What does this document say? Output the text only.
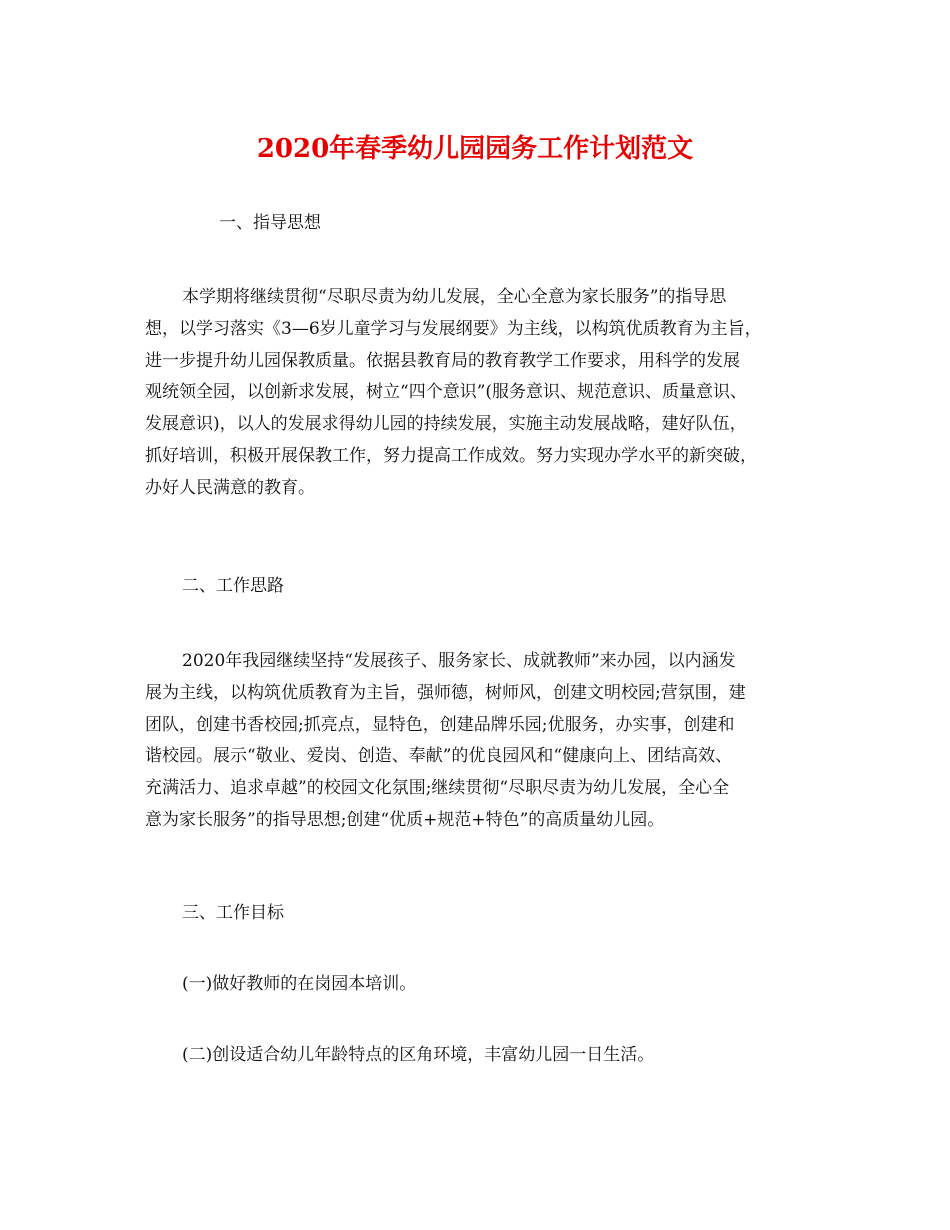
2020年春季幼儿园园务工作计划范文
一、指导思想
本学期将继续贯彻“尽职尽责为幼儿发展，全心全意为家长服务”的指导思
想，以学习落实《3—6岁儿童学习与发展纲要》为主线，以构筑优质教育为主旨，
进一步提升幼儿园保教质量。依据县教育局的教育教学工作要求，用科学的发展
观统领全园，以创新求发展，树立“四个意识”(服务意识、规范意识、质量意识、
发展意识)，以人的发展求得幼儿园的持续发展，实施主动发展战略，建好队伍，
抓好培训，积极开展保教工作，努力提高工作成效。努力实现办学水平的新突破，
办好人民满意的教育。
二、工作思路
2020年我园继续坚持“发展孩子、服务家长、成就教师”来办园，以内涵发
展为主线，以构筑优质教育为主旨，强师德，树师风，创建文明校园;营氛围，建
团队，创建书香校园;抓亮点，显特色，创建品牌乐园;优服务，办实事，创建和
谐校园。展示“敬业、爱岗、创造、奉献”的优良园风和“健康向上、团结高效、
充满活力、追求卓越”的校园文化氛围;继续贯彻“尽职尽责为幼儿发展，全心全
意为家长服务”的指导思想;创建“优质+规范+特色”的高质量幼儿园。
三、工作目标
(一)做好教师的在岗园本培训。
(二)创设适合幼儿年龄特点的区角环境，丰富幼儿园一日生活。
